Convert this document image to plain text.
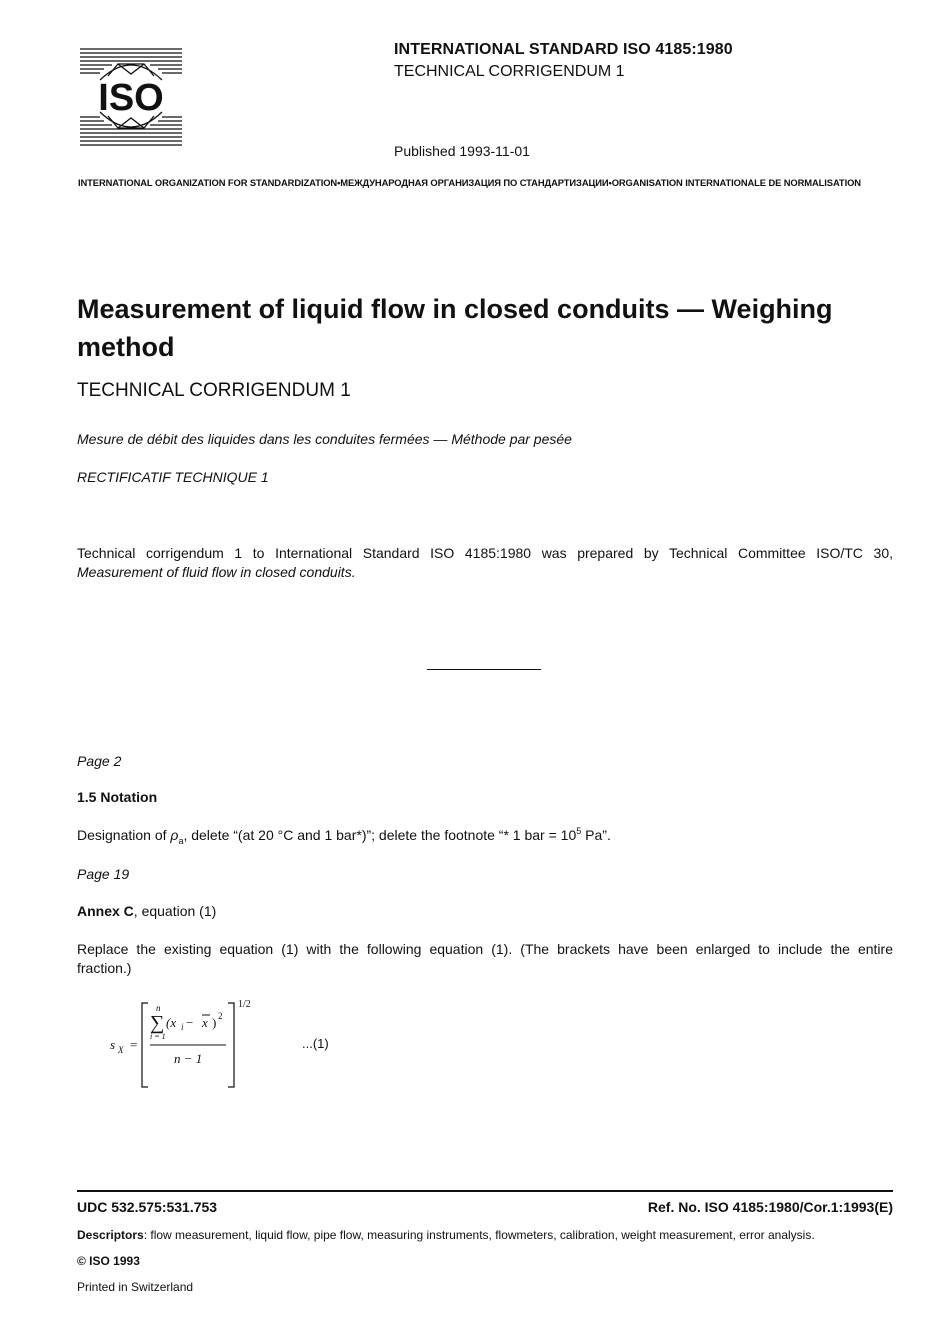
ISO
INTERNATIONAL STANDARD ISO 4185:1980
TECHNICAL CORRIGENDUM 1
Published 1993-11-01
INTERNATIONAL ORGANIZATION FOR STANDARDIZATION•МЕЖДУНАРОДНАЯ ОРГАНИЗАЦИЯ ПО СТАНДАРТИЗАЦИИ•ORGANISATION INTERNATIONALE DE NORMALISATION
Measurement of liquid flow in closed conduits — Weighing method
TECHNICAL CORRIGENDUM 1
Mesure de débit des liquides dans les conduites fermées — Méthode par pesée
RECTIFICATIF TECHNIQUE 1
Technical corrigendum 1 to International Standard ISO 4185:1980 was prepared by Technical Committee ISO/TC 30,
Measurement of fluid flow in closed conduits.
Page 2
1.5 Notation
Designation of $\rho_a$, delete “(at 20 °C and 1 bar*)”; delete the footnote “* 1 bar = $10^5$ Pa”.
Page 19
Annex C, equation (1)
Replace the existing equation (1) with the following equation (1). (The brackets have been enlarged to include the entire
fraction.)
s X =
n
∑
i = 1
(x i − x ) 2
n − 1
1/2
...(1)
UDC 532.575:531.753	Ref. No. ISO 4185:1980/Cor.1:1993(E)
Descriptors: flow measurement, liquid flow, pipe flow, measuring instruments, flowmeters, calibration, weight measurement, error analysis.
© ISO 1993
Printed in Switzerland
